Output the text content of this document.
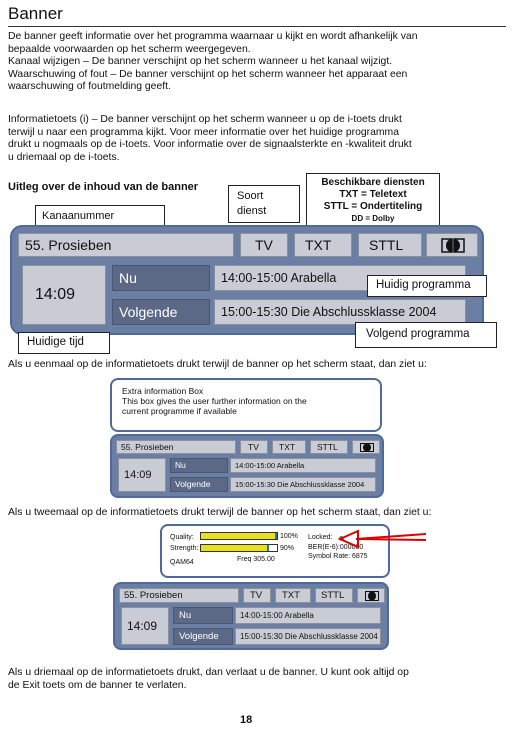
Banner
De banner geeft informatie over het programma waarnaar u kijkt en wordt afhankelijk van
bepaalde voorwaarden op het scherm weergegeven.
Kanaal wijzigen – De banner verschijnt op het scherm wanneer u het kanaal wijzigt.
Waarschuwing of fout – De banner verschijnt op het scherm wanneer het apparaat een
waarschuwing of foutmelding geeft.
Informatietoets (i) – De banner verschijnt op het scherm wanneer u op de i-toets drukt
terwijl u naar een programma kijkt. Voor meer informatie over het huidige programma
drukt u nogmaals op de i-toets. Voor informatie over de signaalsterkte en -kwaliteit drukt
u driemaal op de i-toets.
Uitleg over de inhoud van de banner
Kanaanummer
Soort
dienst
Beschikbare diensten
TXT = Teletext
STTL = Ondertiteling
DD = Dolby
55. Prosieben	TV TXT	STTL
14:09
Nu	14:00-15:00 Arabella
Volgende	15:00-15:30 Die Abschlussklasse 2004
Huidig programma
Volgend programma
Huidige tijd
Als u eenmaal op de informatietoets drukt terwijl de banner op het scherm staat, dan ziet u:
Extra information Box
This box gives the user further information on the
current programme if available
55. Prosieben	TV TXT	STTL
14:09
Nu	14:00-15:00 Arabella
Volgende	15:00-15:30 Die Abschlussklasse 2004
Als u tweemaal op de informatietoets drukt terwijl de banner op het scherm staat, dan ziet u:
Quality:	100%
Strength:	90%
QAM64	Freq 305.00
Locked:
BER(E-6):000000
Symbol Rate: 6875
55. Prosieben	TV TXT STTL
14:09
Nu	14:00-15:00 Arabella
Volgende	15:00-15:30 Die Abschlussklasse 2004
Als u driemaal op de informatietoets drukt, dan verlaat u de banner. U kunt ook altijd op
de Exit toets om de banner te verlaten.
18
